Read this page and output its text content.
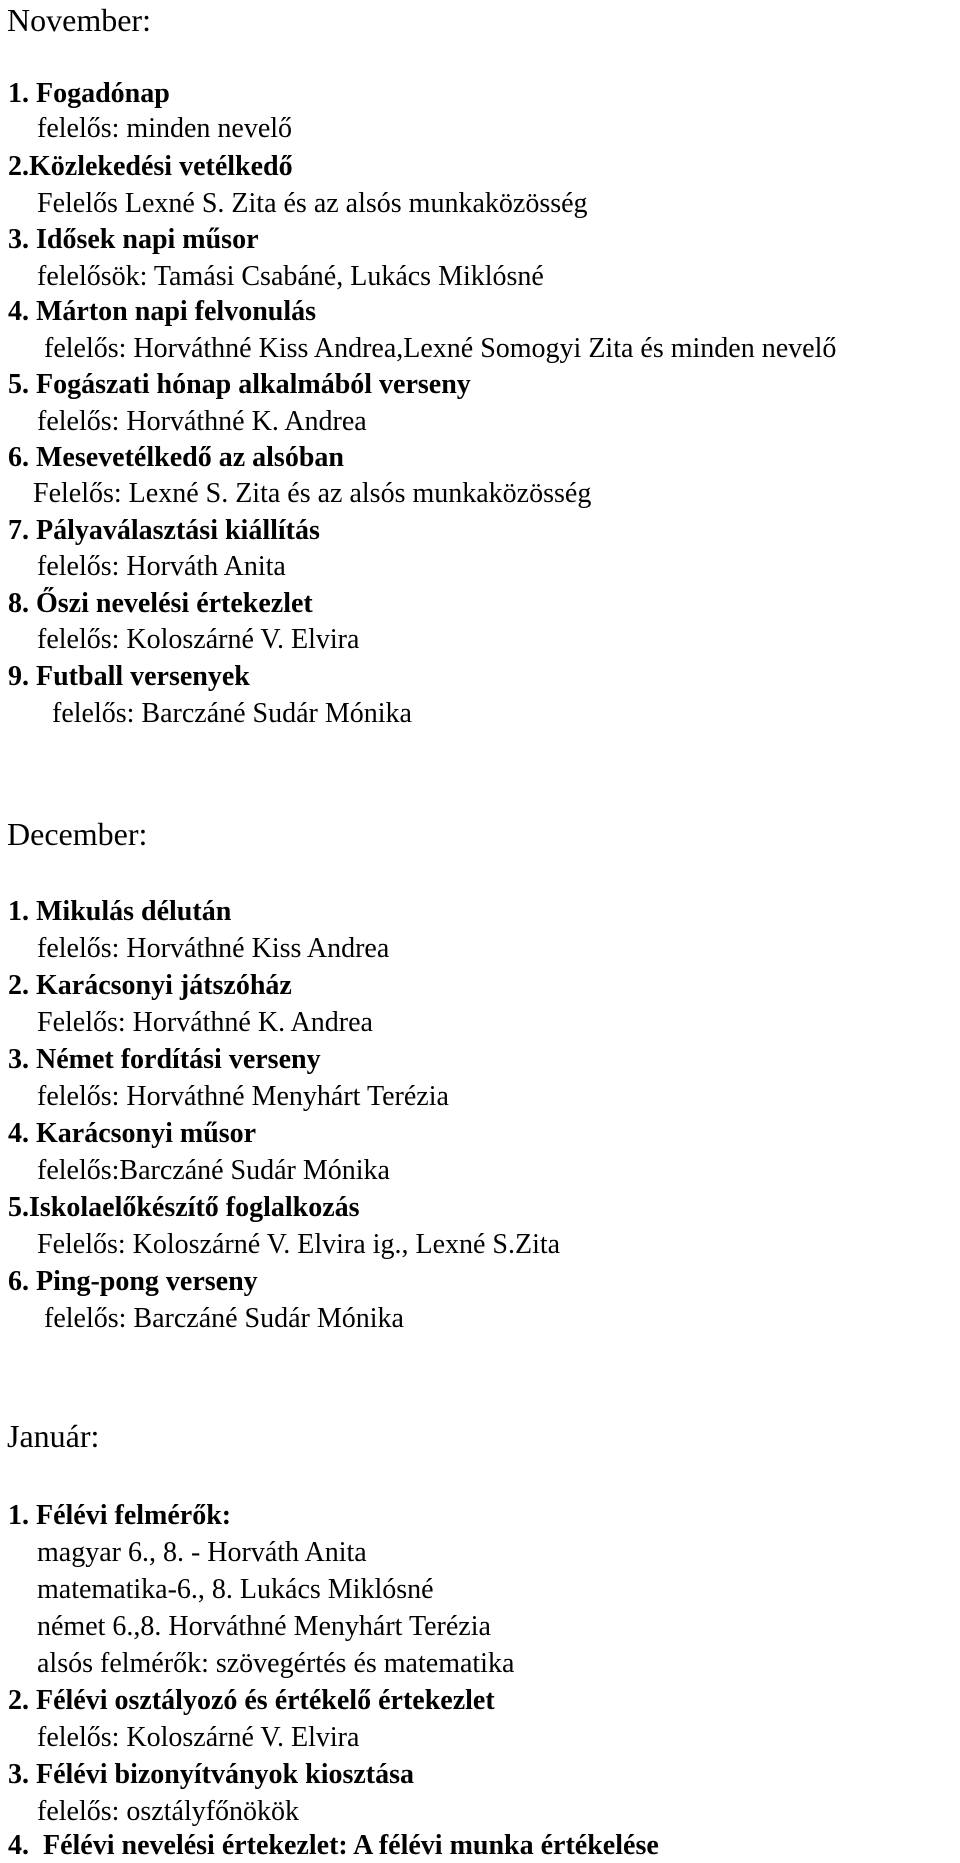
November:
1. Fogadónap
felelős: minden nevelő
2.Közlekedési vetélkedő
Felelős Lexné S. Zita és az alsós munkaközösség
3. Idősek napi műsor
felelősök: Tamási Csabáné, Lukács Miklósné
4. Márton napi felvonulás
felelős: Horváthné Kiss Andrea,Lexné Somogyi Zita és minden nevelő
5. Fogászati hónap alkalmából verseny
felelős: Horváthné K. Andrea
6. Mesevetélkedő az alsóban
Felelős: Lexné S. Zita és az alsós munkaközösség
7. Pályaválasztási kiállítás
felelős: Horváth Anita
8. Őszi nevelési értekezlet
felelős: Koloszárné V. Elvira
9. Futball versenyek
felelős: Barczáné Sudár Mónika
December:
1. Mikulás délután
felelős: Horváthné Kiss Andrea
2. Karácsonyi játszóház
Felelős: Horváthné K. Andrea
3. Német fordítási verseny
felelős: Horváthné Menyhárt Terézia
4. Karácsonyi műsor
felelős:Barczáné Sudár Mónika
5.Iskolaelőkészítő foglalkozás
Felelős: Koloszárné V. Elvira ig., Lexné S.Zita
6. Ping-pong verseny
felelős: Barczáné Sudár Mónika
Január:
1. Félévi felmérők:
magyar 6., 8. - Horváth Anita
matematika-6., 8. Lukács Miklósné
német 6.,8. Horváthné Menyhárt Terézia
alsós felmérők: szövegértés és matematika
2. Félévi osztályozó és értékelő értekezlet
felelős: Koloszárné V. Elvira
3. Félévi bizonyítványok kiosztása
felelős: osztályfőnökök
4.  Félévi nevelési értekezlet: A félévi munka értékelése
